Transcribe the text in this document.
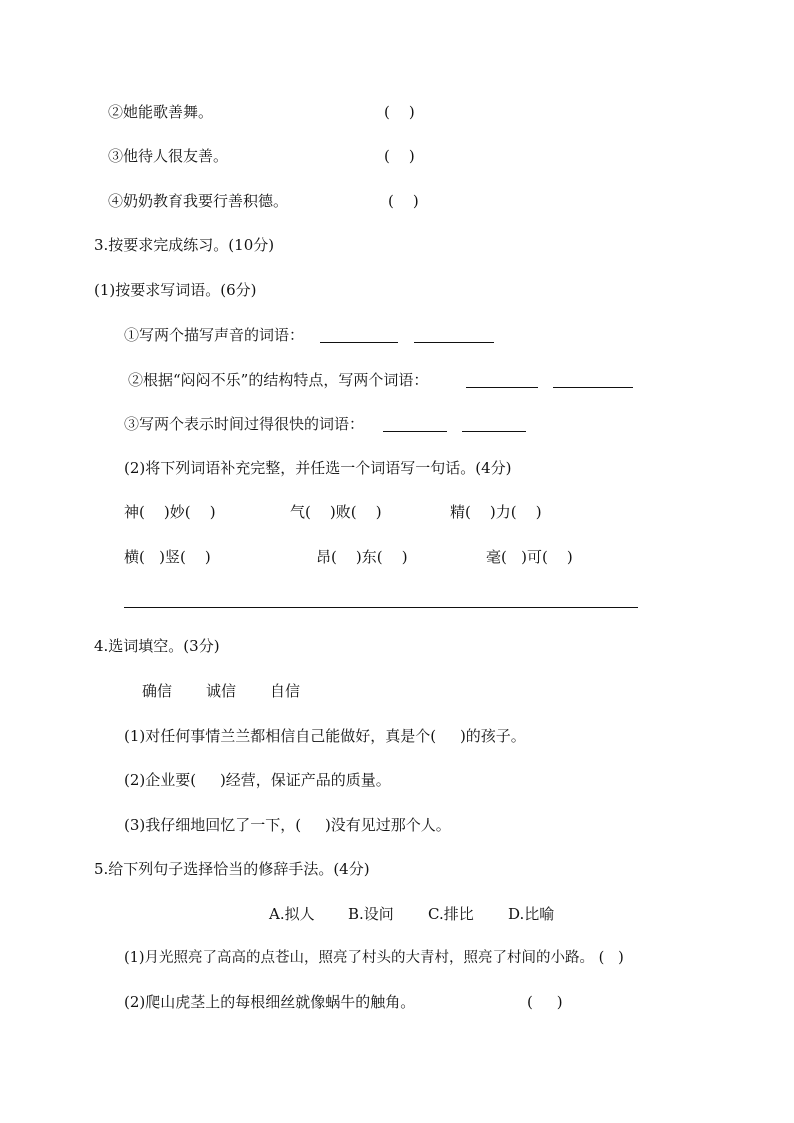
②她能歌善舞。	(    )
③他待人很友善。	(    )
④奶奶教育我要行善积德。	(    )
3.按要求完成练习。(10分)
(1)按要求写词语。(6分)
①写两个描写声音的词语：
②根据“闷闷不乐”的结构特点，写两个词语：
③写两个表示时间过得很快的词语：
(2)将下列词语补充完整，并任选一个词语写一句话。(4分)
神(    )妙(    )	气(    )败(    )	精(    )力(    )
横(   )竖(    )	昂(    )东(    )	毫(   )可(    )
4.选词填空。(3分)
确信 诚信 自信
(1)对任何事情兰兰都相信自己能做好，真是个(     )的孩子。
(2)企业要(     )经营，保证产品的质量。
(3)我仔细地回忆了一下，(     )没有见过那个人。
5.给下列句子选择恰当的修辞手法。(4分)
A.拟人 B.设问 C.排比 D.比喻
(1)月光照亮了高高的点苍山，照亮了村头的大青村，照亮了村间的小路。 (   )
(2)爬山虎茎上的每根细丝就像蜗牛的触角。	(     )
